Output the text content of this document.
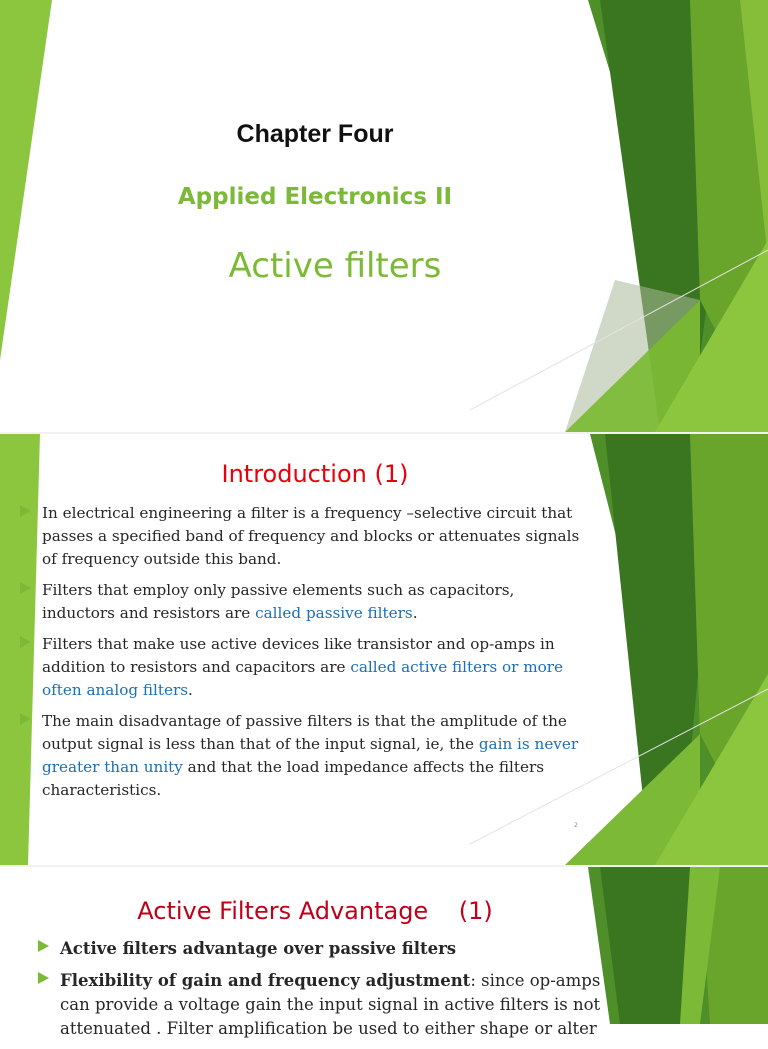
Chapter Four
Applied Electronics II
Active filters
Introduction (1)
In electrical engineering a filter is a frequency –selective circuit that passes a specified band of frequency and blocks or attenuates signals of frequency outside this band.
Filters that employ only passive elements such as capacitors, inductors and resistors are called passive filters.
Filters that make use active devices like transistor and op-amps in addition to resistors and capacitors are called active filters or more often analog filters.
The main disadvantage of passive filters is that the amplitude of the output signal is less than that of the input signal, ie, the gain is never greater than unity and that the load impedance affects the filters characteristics.
2
Active Filters Advantage    (1)
Active filters advantage over passive filters
Flexibility of gain and frequency adjustment: since op-amps can provide a voltage gain the input signal in active filters is not attenuated . Filter amplification be used to either shape or alter
